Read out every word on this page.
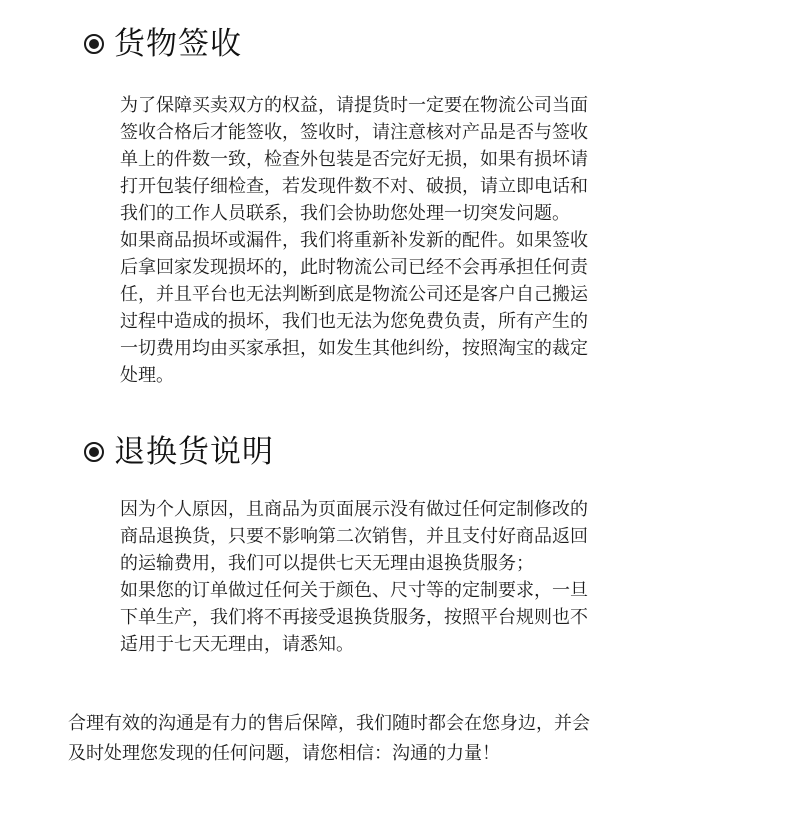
货物签收

为了保障买卖双方的权益，请提货时一定要在物流公司当面
签收合格后才能签收，签收时，请注意核对产品是否与签收
单上的件数一致，检查外包装是否完好无损，如果有损坏请
打开包装仔细检查，若发现件数不对、破损，请立即电话和
我们的工作人员联系，我们会协助您处理一切突发问题。

如果商品损坏或漏件，我们将重新补发新的配件。如果签收
后拿回家发现损坏的，此时物流公司已经不会再承担任何责
任，并且平台也无法判断到底是物流公司还是客户自己搬运
过程中造成的损坏，我们也无法为您免费负责，所有产生的
一切费用均由买家承担，如发生其他纠纷，按照淘宝的裁定
处理。

退换货说明

因为个人原因，且商品为页面展示没有做过任何定制修改的
商品退换货，只要不影响第二次销售，并且支付好商品返回
的运输费用，我们可以提供七天无理由退换货服务；

如果您的订单做过任何关于颜色、尺寸等的定制要求，一旦
下单生产，我们将不再接受退换货服务，按照平台规则也不
适用于七天无理由，请悉知。

合理有效的沟通是有力的售后保障，我们随时都会在您身边，并会
及时处理您发现的任何问题，请您相信：沟通的力量！
